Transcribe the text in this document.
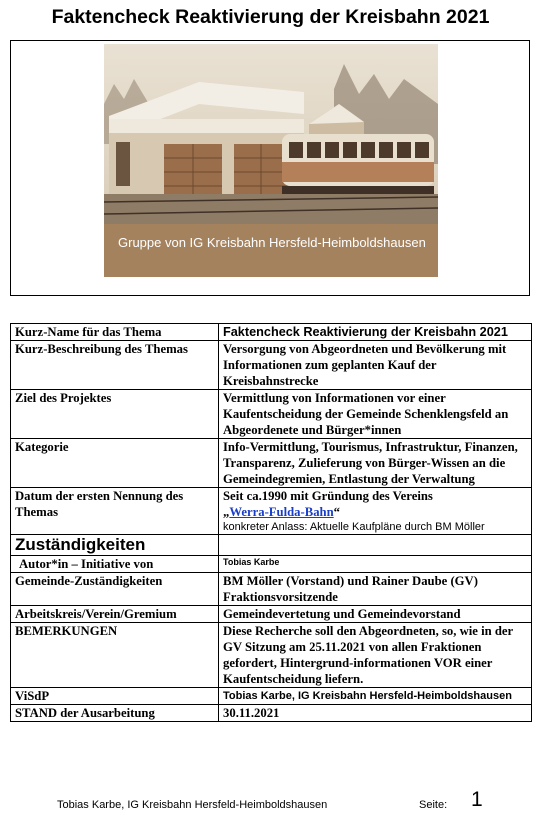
Faktencheck Reaktivierung der Kreisbahn 2021
Gruppe von IG Kreisbahn Hersfeld-Heimboldshausen
Kurz-Name für das Thema	Faktencheck Reaktivierung der Kreisbahn 2021
Kurz-Beschreibung des Themas	Versorgung von Abgeordneten und Bevölkerung mit Informationen zum geplanten Kauf der Kreisbahnstrecke
Ziel des Projektes	Vermittlung von Informationen vor einer Kaufentscheidung der Gemeinde Schenklengsfeld an Abgeordenete und Bürger*innen
Kategorie	Info-Vermittlung, Tourismus, Infrastruktur, Finanzen, Transparenz, Zulieferung von Bürger-Wissen an die Gemeindegremien, Entlastung der Verwaltung
Datum der ersten Nennung des Themas	Seit ca.1990 mit Gründung des Vereins
„Werra-Fulda-Bahn“
konkreter Anlass: Aktuelle Kaufpläne durch BM Möller

Zuständigkeiten	
Autor*in – Initiative von	Tobias Karbe
Gemeinde-Zuständigkeiten	BM Möller (Vorstand) und Rainer Daube (GV) Fraktionsvorsitzende
Arbeitskreis/Verein/Gremium	Gemeindevertetung und Gemeindevorstand
BEMERKUNGEN	Diese Recherche soll den Abgeordneten, so, wie in der GV Sitzung am 25.11.2021 von allen Fraktionen gefordert, Hintergrund-informationen VOR einer Kaufentscheidung liefern.
ViSdP	Tobias Karbe, IG Kreisbahn Hersfeld-Heimboldshausen
STAND der Ausarbeitung	30.11.2021
Tobias Karbe, IG Kreisbahn Hersfeld-Heimboldshausen	Seite: 1
